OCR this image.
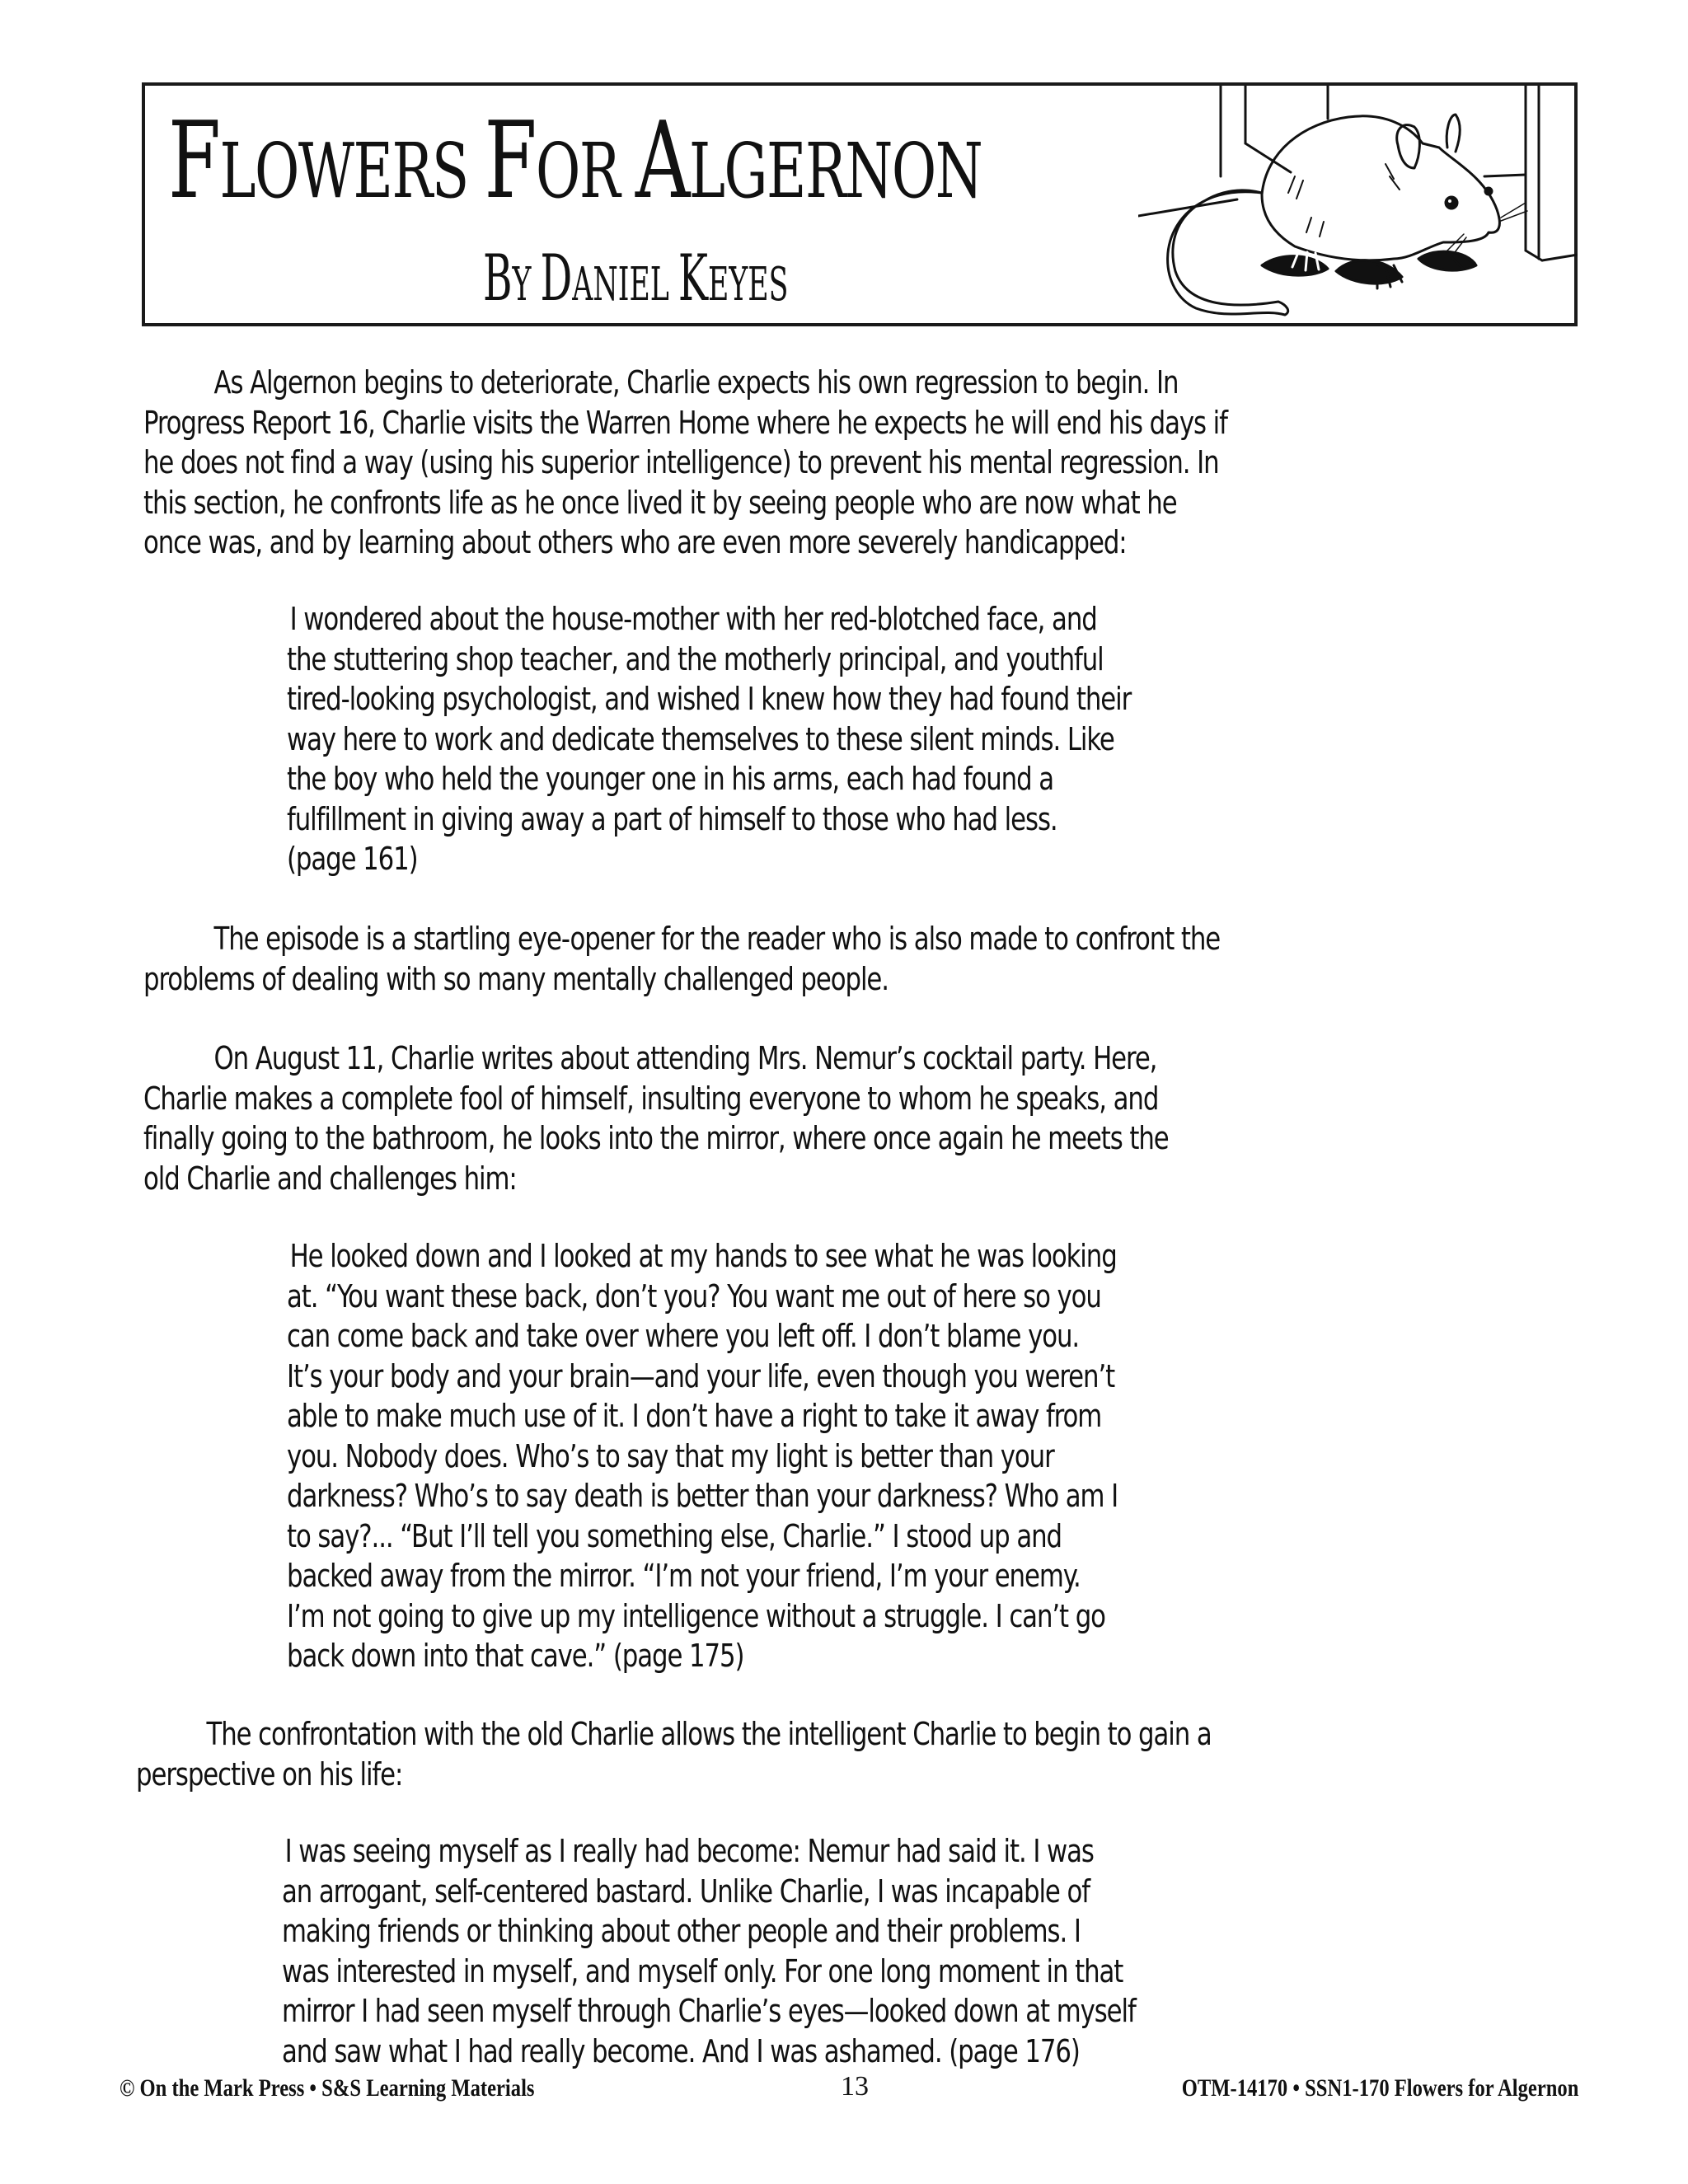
FLOWERS FOR ALGERNON
BY DANIEL KEYES
As Algernon begins to deteriorate, Charlie expects his own regression to begin. In
Progress Report 16, Charlie visits the Warren Home where he expects he will end his days if
he does not find a way (using his superior intelligence) to prevent his mental regression. In
this section, he confronts life as he once lived it by seeing people who are now what he
once was, and by learning about others who are even more severely handicapped:
I wondered about the house-mother with her red-blotched face, and
the stuttering shop teacher, and the motherly principal, and youthful
tired-looking psychologist, and wished I knew how they had found their
way here to work and dedicate themselves to these silent minds. Like
the boy who held the younger one in his arms, each had found a
fulfillment in giving away a part of himself to those who had less.
(page 161)
The episode is a startling eye-opener for the reader who is also made to confront the
problems of dealing with so many mentally challenged people.
On August 11, Charlie writes about attending Mrs. Nemur’s cocktail party. Here,
Charlie makes a complete fool of himself, insulting everyone to whom he speaks, and
finally going to the bathroom, he looks into the mirror, where once again he meets the
old Charlie and challenges him:
He looked down and I looked at my hands to see what he was looking
at. “You want these back, don’t you? You want me out of here so you
can come back and take over where you left off. I don’t blame you.
It’s your body and your brain—and your life, even though you weren’t
able to make much use of it. I don’t have a right to take it away from
you. Nobody does. Who’s to say that my light is better than your
darkness? Who’s to say death is better than your darkness? Who am I
to say?... “But I’ll tell you something else, Charlie.” I stood up and
backed away from the mirror. “I’m not your friend, I’m your enemy.
I’m not going to give up my intelligence without a struggle. I can’t go
back down into that cave.” (page 175)
The confrontation with the old Charlie allows the intelligent Charlie to begin to gain a
perspective on his life:
I was seeing myself as I really had become: Nemur had said it. I was
an arrogant, self-centered bastard. Unlike Charlie, I was incapable of
making friends or thinking about other people and their problems. I
was interested in myself, and myself only. For one long moment in that
mirror I had seen myself through Charlie’s eyes—looked down at myself
and saw what I had really become. And I was ashamed. (page 176)
© On the Mark Press • S&S Learning Materials	13	OTM-14170 • SSN1-170 Flowers for Algernon
